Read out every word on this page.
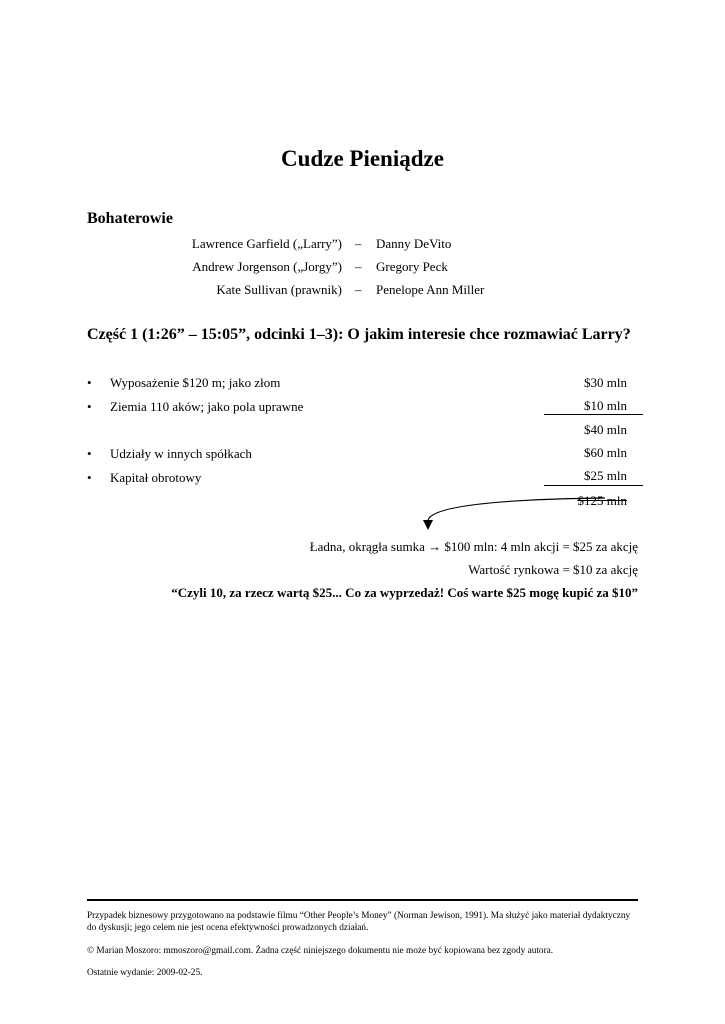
Cudze Pieniądze
Bohaterowie
Lawrence Garfield („Larry”) – Danny DeVito
Andrew Jorgenson („Jorgy”) – Gregory Peck
Kate Sullivan (prawnik) – Penelope Ann Miller
Część 1 (1:26” – 15:05”, odcinki 1–3): O jakim interesie chce rozmawiać Larry?
• Wyposażenie $120 m; jako złom
• Ziemia 110 aków; jako pola uprawne
• Udziały w innych spółkach
• Kapitał obrotowy
$30 mln
$10 mln
$40 mln
$60 mln
$25 mln
$125 mln
Ładna, okrągła sumka → $100 mln: 4 mln akcji = $25 za akcję
Wartość rynkowa = $10 za akcję
“Czyli 10, za rzecz wartą $25... Co za wyprzedaż! Coś warte $25 mogę kupić za $10”
Przypadek biznesowy przygotowano na podstawie filmu “Other People’s Money” (Norman Jewison, 1991). Ma służyć jako materiał dydaktyczny do dyskusji; jego celem nie jest ocena efektywności prowadzonych działań.
© Marian Moszoro: mmoszoro@gmail.com. Żadna część niniejszego dokumentu nie może być kopiowana bez zgody autora.
Ostatnie wydanie: 2009-02-25.
